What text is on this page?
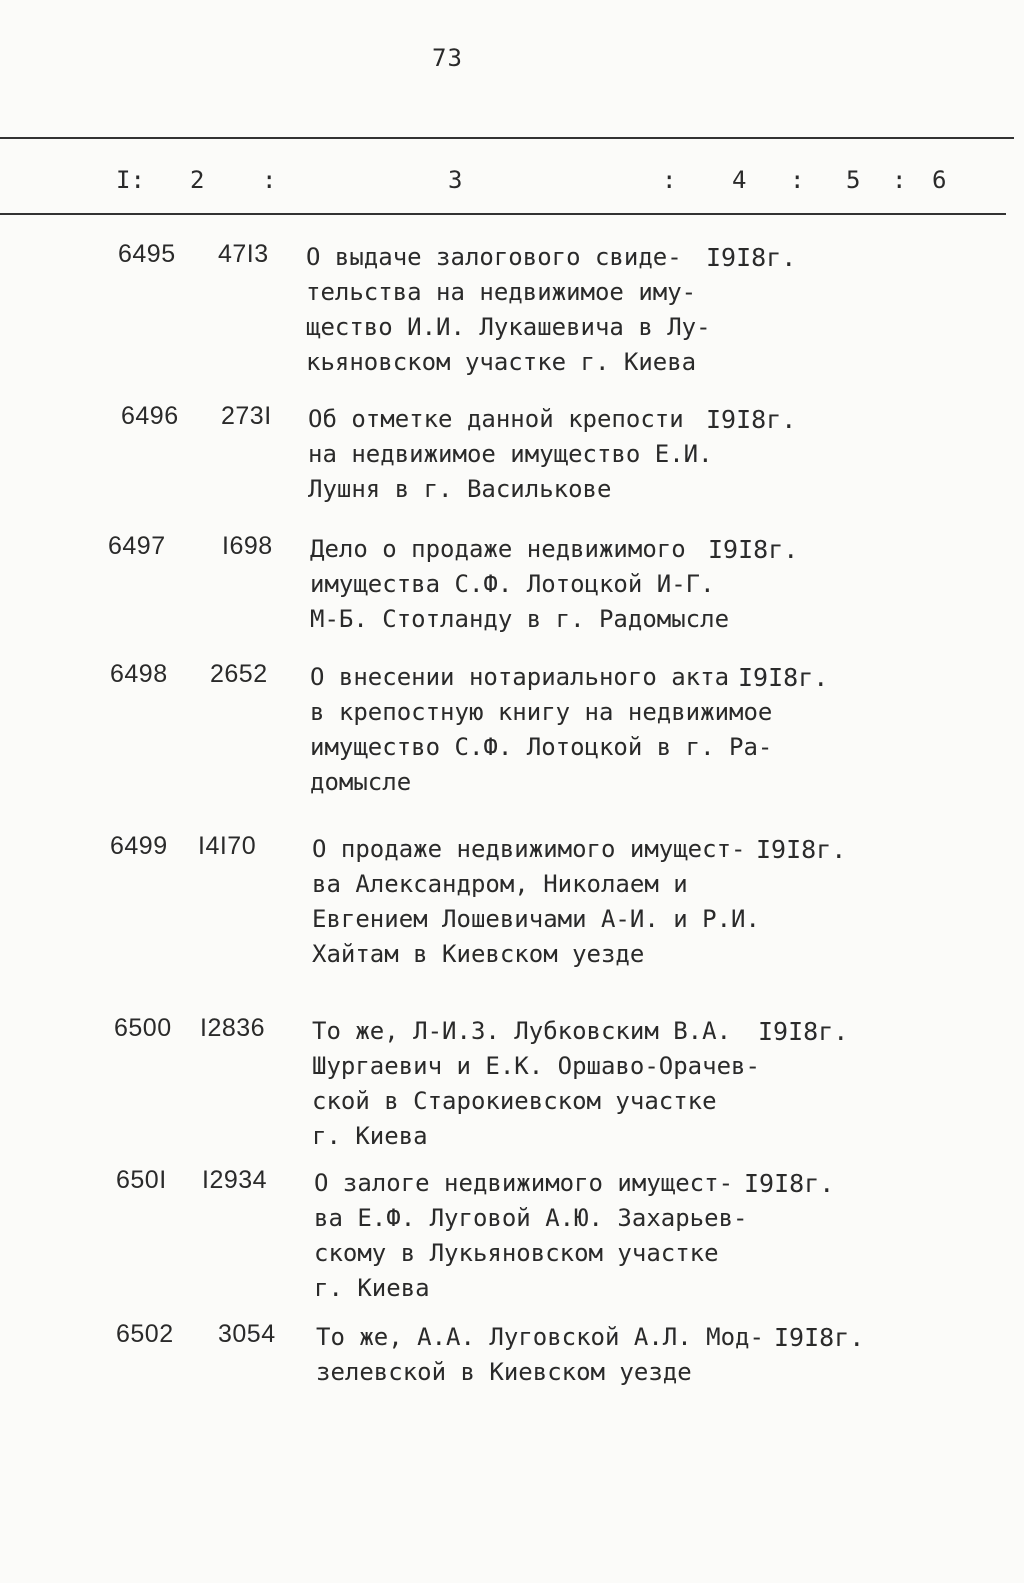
73
I: 2 :	3	: 4 : 5 : 6
6495 47I3 О выдаче залогового свиде-
тельства на недвижимое иму-
щество И.И. Лукашевича в Лу-
кьяновском участке г. Киева
I9I8г.
6496 273I Об отметке данной крепости
на недвижимое имущество Е.И.
Лушня в г. Василькове
I9I8г.
6497 I698 Дело о продаже недвижимого
имущества С.Ф. Лотоцкой И-Г.
М-Б. Стотланду в г. Радомысле
I9I8г.
6498 2652 О внесении нотариального акта
в крепостную книгу на недвижимое
имущество С.Ф. Лотоцкой в г. Ра-
домысле
I9I8г.
6499 I4I70 О продаже недвижимого имущест-
ва Александром, Николаем и
Евгением Лошевичами А-И. и Р.И.
Хайтам в Киевском уезде
I9I8г.
6500 I2836 То же, Л-И.З. Лубковским В.А.
Шургаевич и Е.К. Оршаво-Орачев-
ской в Старокиевском участке
г. Киева
I9I8г.
650I I2934 О залоге недвижимого имущест-
ва Е.Ф. Луговой А.Ю. Захарьев-
скому в Лукьяновском участке
г. Киева
I9I8г.
6502 3054 То же, А.А. Луговской А.Л. Мод-
зелевской в Киевском уезде
I9I8г.
